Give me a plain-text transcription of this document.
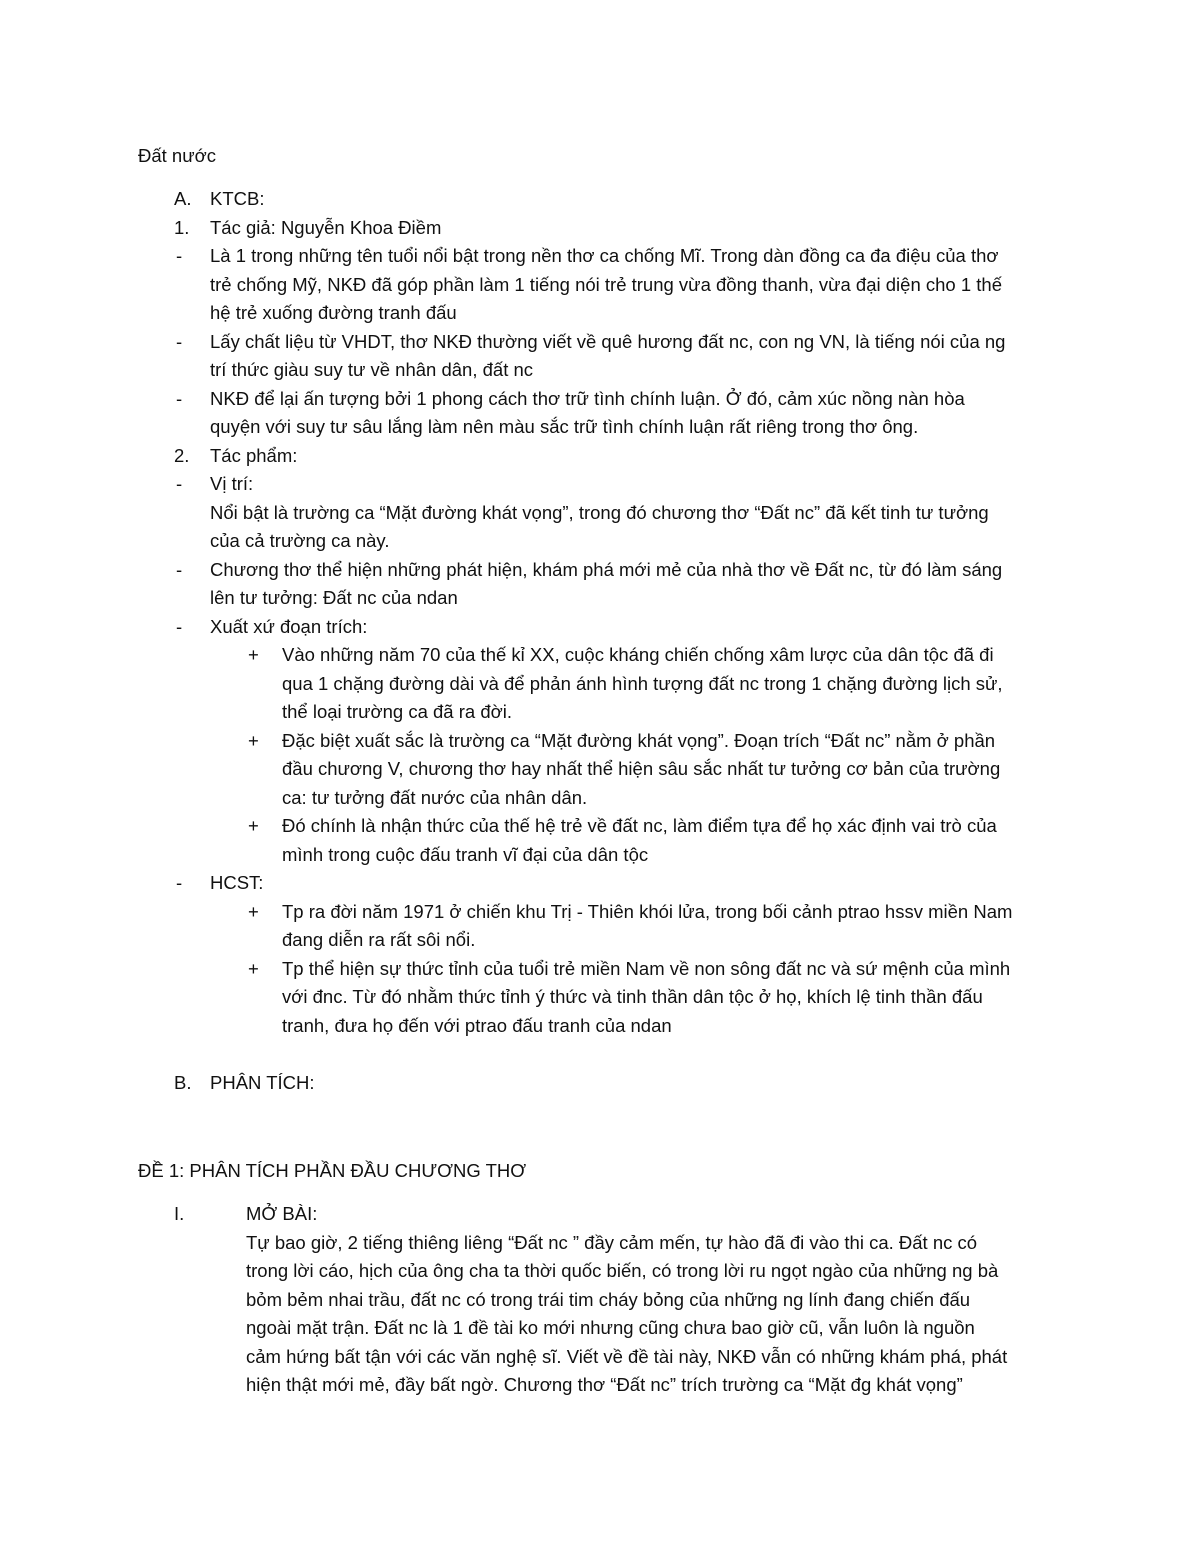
Đất nước
A. KTCB:
1. Tác giả: Nguyễn Khoa Điềm
- Là 1 trong những tên tuổi nổi bật trong nền thơ ca chống Mĩ. Trong dàn đồng ca đa điệu của thơ
trẻ chống Mỹ, NKĐ đã góp phần làm 1 tiếng nói trẻ trung vừa đồng thanh, vừa đại diện cho 1 thế
hệ trẻ xuống đường tranh đấu
- Lấy chất liệu từ VHDT, thơ NKĐ thường viết về quê hương đất nc, con ng VN, là tiếng nói của ng
trí thức giàu suy tư về nhân dân, đất nc
- NKĐ để lại ấn tượng bởi 1 phong cách thơ trữ tình chính luận. Ở đó, cảm xúc nồng nàn hòa
quyện với suy tư sâu lắng làm nên màu sắc trữ tình chính luận rất riêng trong thơ ông.
2. Tác phẩm:
- Vị trí:
Nổi bật là trường ca “Mặt đường khát vọng”, trong đó chương thơ “Đất nc” đã kết tinh tư tưởng
của cả trường ca này.
- Chương thơ thể hiện những phát hiện, khám phá mới mẻ của nhà thơ về Đất nc, từ đó làm sáng
lên tư tưởng: Đất nc của ndan
- Xuất xứ đoạn trích:
+ Vào những năm 70 của thế kỉ XX, cuộc kháng chiến chống xâm lược của dân tộc đã đi
qua 1 chặng đường dài và để phản ánh hình tượng đất nc trong 1 chặng đường lịch sử,
thể loại trường ca đã ra đời.
+ Đặc biệt xuất sắc là trường ca “Mặt đường khát vọng”. Đoạn trích “Đất nc” nằm ở phần
đầu chương V, chương thơ hay nhất thể hiện sâu sắc nhất tư tưởng cơ bản của trường
ca: tư tưởng đất nước của nhân dân.
+ Đó chính là nhận thức của thế hệ trẻ về đất nc, làm điểm tựa để họ xác định vai trò của
mình trong cuộc đấu tranh vĩ đại của dân tộc
- HCST:
+ Tp ra đời năm 1971 ở chiến khu Trị - Thiên khói lửa, trong bối cảnh ptrao hssv miền Nam
đang diễn ra rất sôi nổi.
+ Tp thể hiện sự thức tỉnh của tuổi trẻ miền Nam về non sông đất nc và sứ mệnh của mình
với đnc. Từ đó nhằm thức tỉnh ý thức và tinh thần dân tộc ở họ, khích lệ tinh thần đấu
tranh, đưa họ đến với ptrao đấu tranh của ndan
B. PHÂN TÍCH:
ĐỀ 1: PHÂN TÍCH PHẦN ĐẦU CHƯƠNG THƠ
I.	MỞ BÀI:
Tự bao giờ, 2 tiếng thiêng liêng “Đất nc ” đầy cảm mến, tự hào đã đi vào thi ca. Đất nc có
trong lời cáo, hịch của ông cha ta thời quốc biến, có trong lời ru ngọt ngào của những ng bà
bỏm bẻm nhai trầu, đất nc có trong trái tim cháy bỏng của những ng lính đang chiến đấu
ngoài mặt trận. Đất nc là 1 đề tài ko mới nhưng cũng chưa bao giờ cũ, vẫn luôn là nguồn
cảm hứng bất tận với các văn nghệ sĩ. Viết về đề tài này, NKĐ vẫn có những khám phá, phát
hiện thật mới mẻ, đầy bất ngờ. Chương thơ “Đất nc” trích trường ca “Mặt đg khát vọng”
